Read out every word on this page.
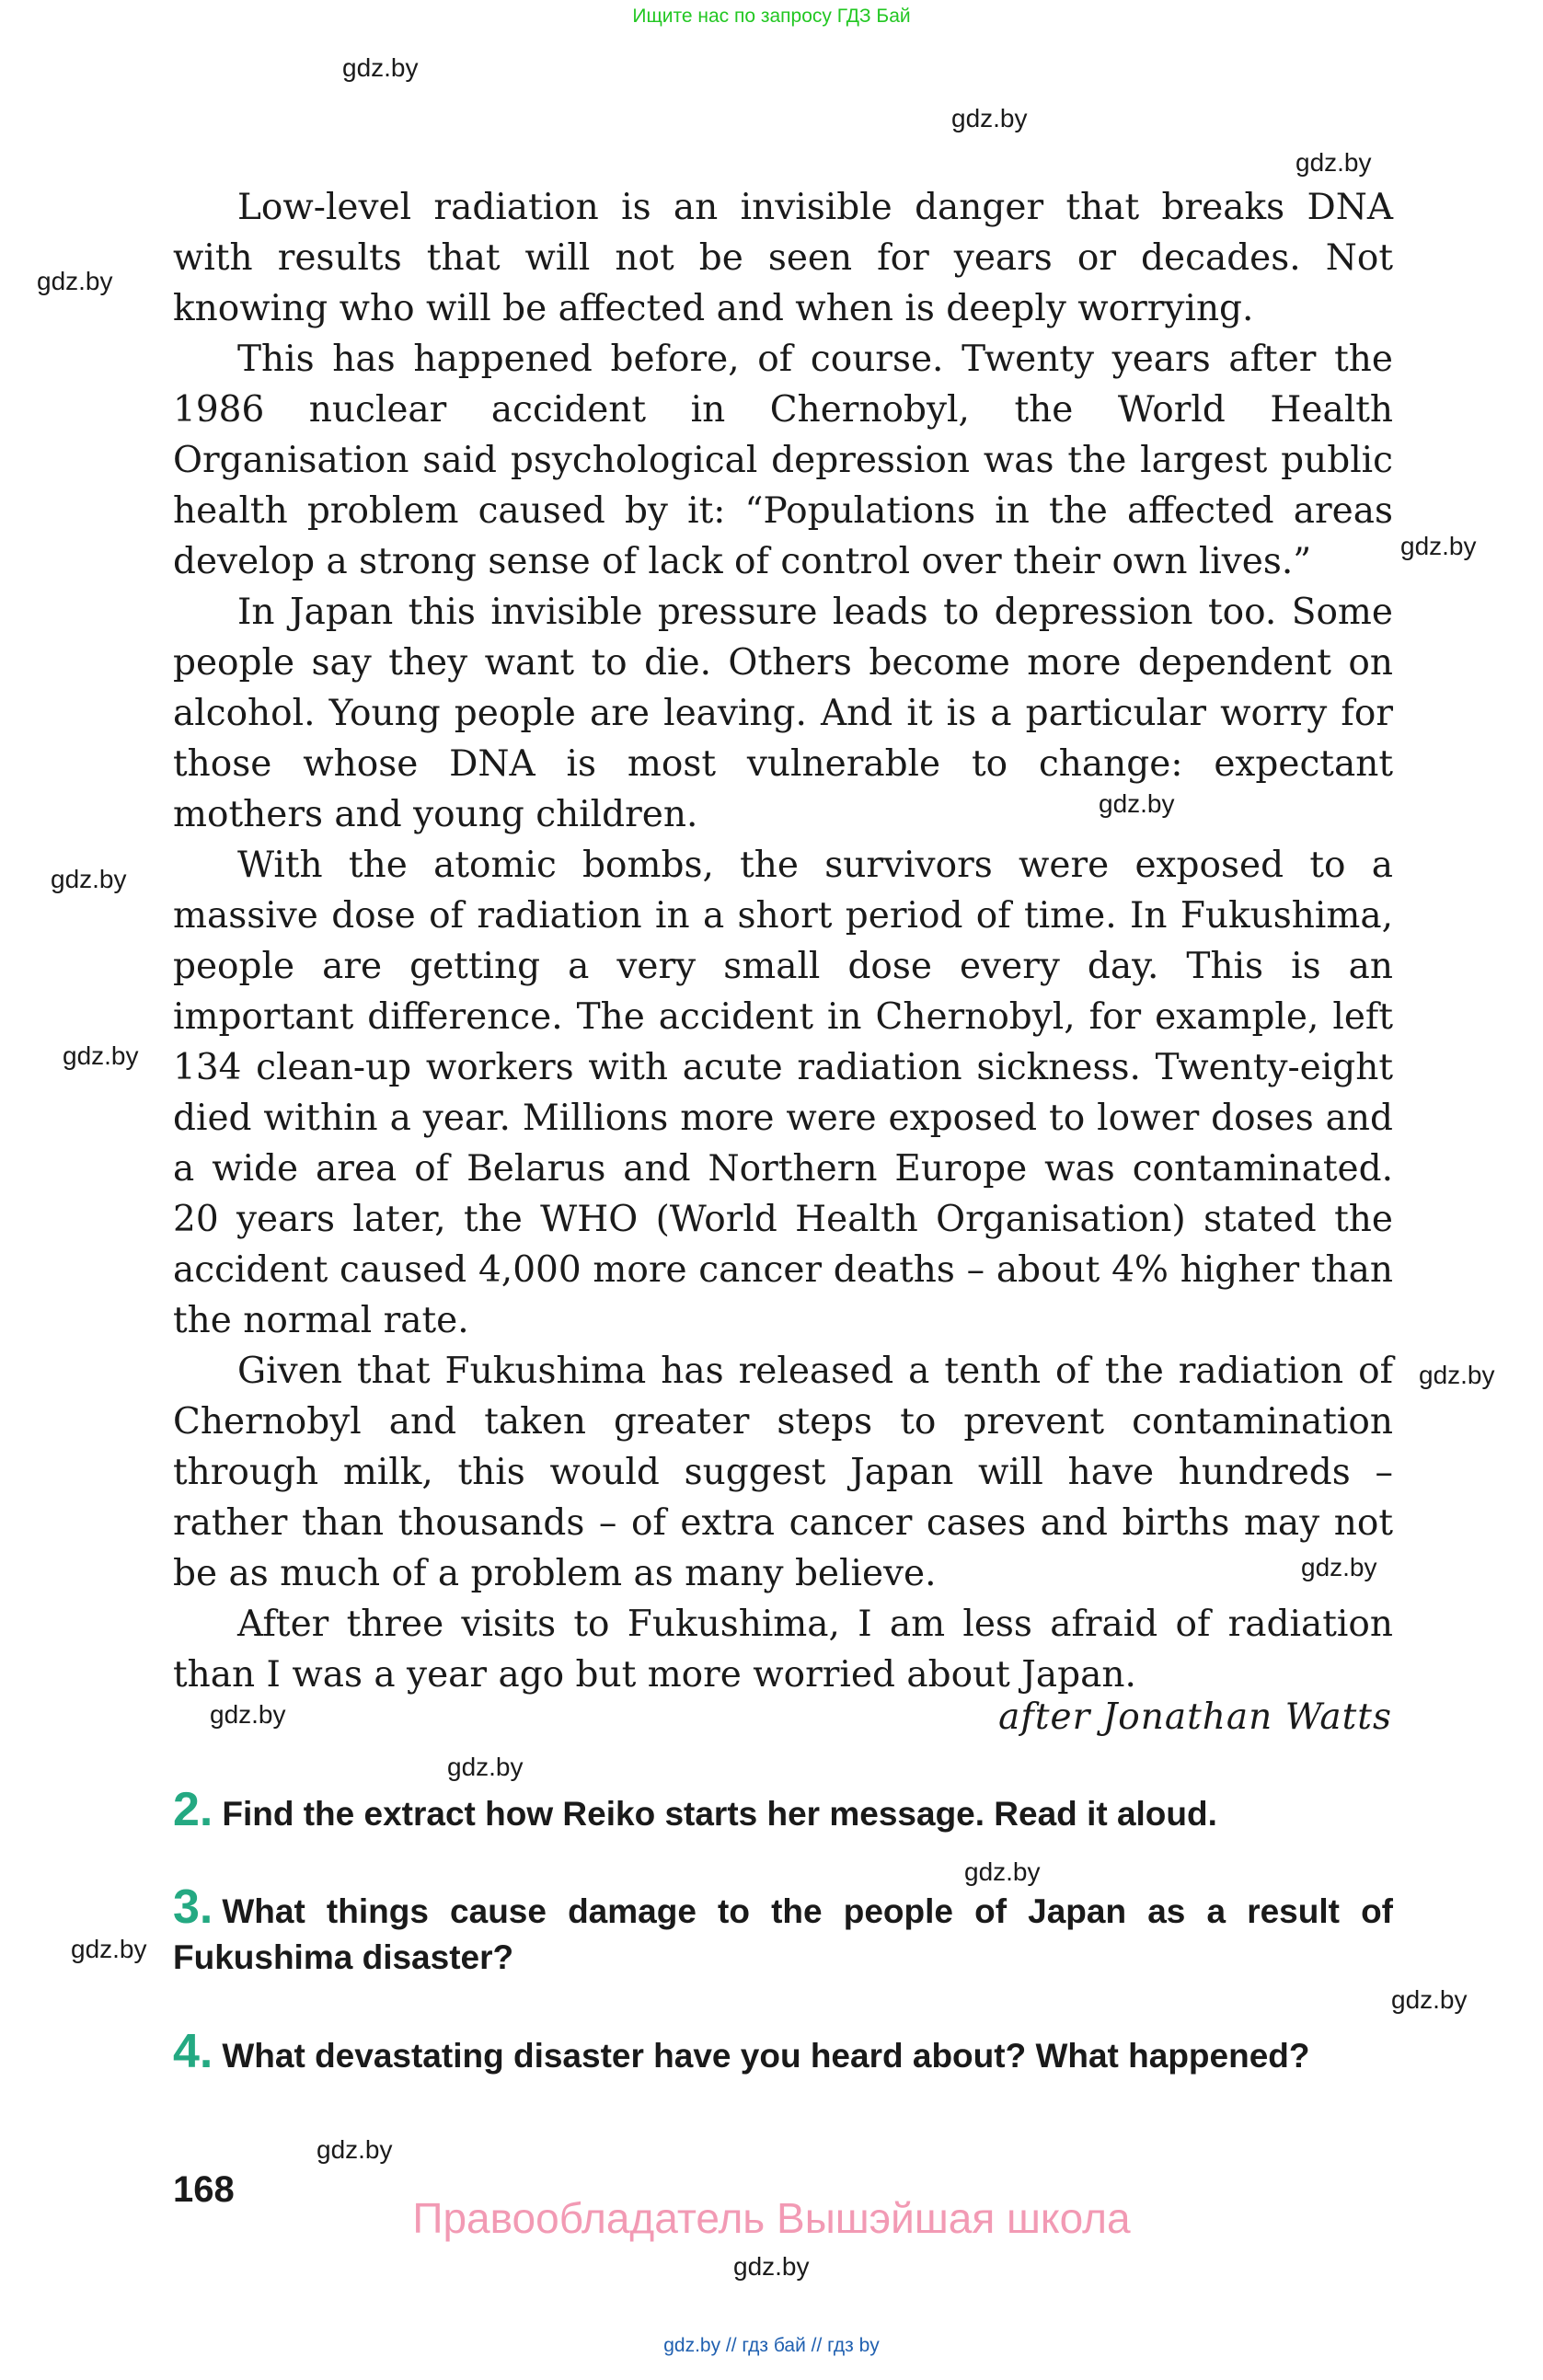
Ищите нас по запросу ГДЗ Бай
gdz.by
gdz.by
gdz.by
gdz.by
gdz.by
gdz.by
gdz.by
gdz.by
gdz.by
gdz.by
gdz.by
gdz.by
gdz.by
gdz.by
gdz.by
gdz.by
gdz.by

Low-level radiation is an invisible danger that breaks DNA with results that will not be seen for years or decades. Not knowing who will be affected and when is deeply worrying.

This has happened before, of course. Twenty years after the 1986 nuclear accident in Chernobyl, the World Health Organisation said psychological depression was the largest public health problem caused by it: “Populations in the affected areas develop a strong sense of lack of control over their own lives.”

In Japan this invisible pressure leads to depression too. Some people say they want to die. Others become more dependent on alcohol. Young people are leaving. And it is a particular worry for those whose DNA is most vulnerable to change: expectant mothers and young children.

With the atomic bombs, the survivors were exposed to a massive dose of radiation in a short period of time. In Fukushima, people are getting a very small dose every day. This is an important difference. The accident in Chernobyl, for example, left 134 clean-up workers with acute radiation sickness. Twenty-eight died within a year. Millions more were exposed to lower doses and a wide area of Belarus and Northern Europe was contaminated. 20 years later, the WHO (World Health Organisation) stated the accident caused 4,000 more cancer deaths – about 4% higher than the normal rate.

Given that Fukushima has released a tenth of the radiation of Chernobyl and taken greater steps to prevent contamination through milk, this would suggest Japan will have hundreds – rather than thousands – of extra cancer cases and births may not be as much of a problem as many believe.

After three visits to Fukushima, I am less afraid of radiation than I was a year ago but more worried about Japan.

after Jonathan Watts
2. Find the extract how Reiko starts her message. Read it aloud.
3. What things cause damage to the people of Japan as a result of Fukushima disaster?
4. What devastating disaster have you heard about? What happened?
168
Правообладатель Вышэйшая школа
gdz.by // гдз бай // гдз by
